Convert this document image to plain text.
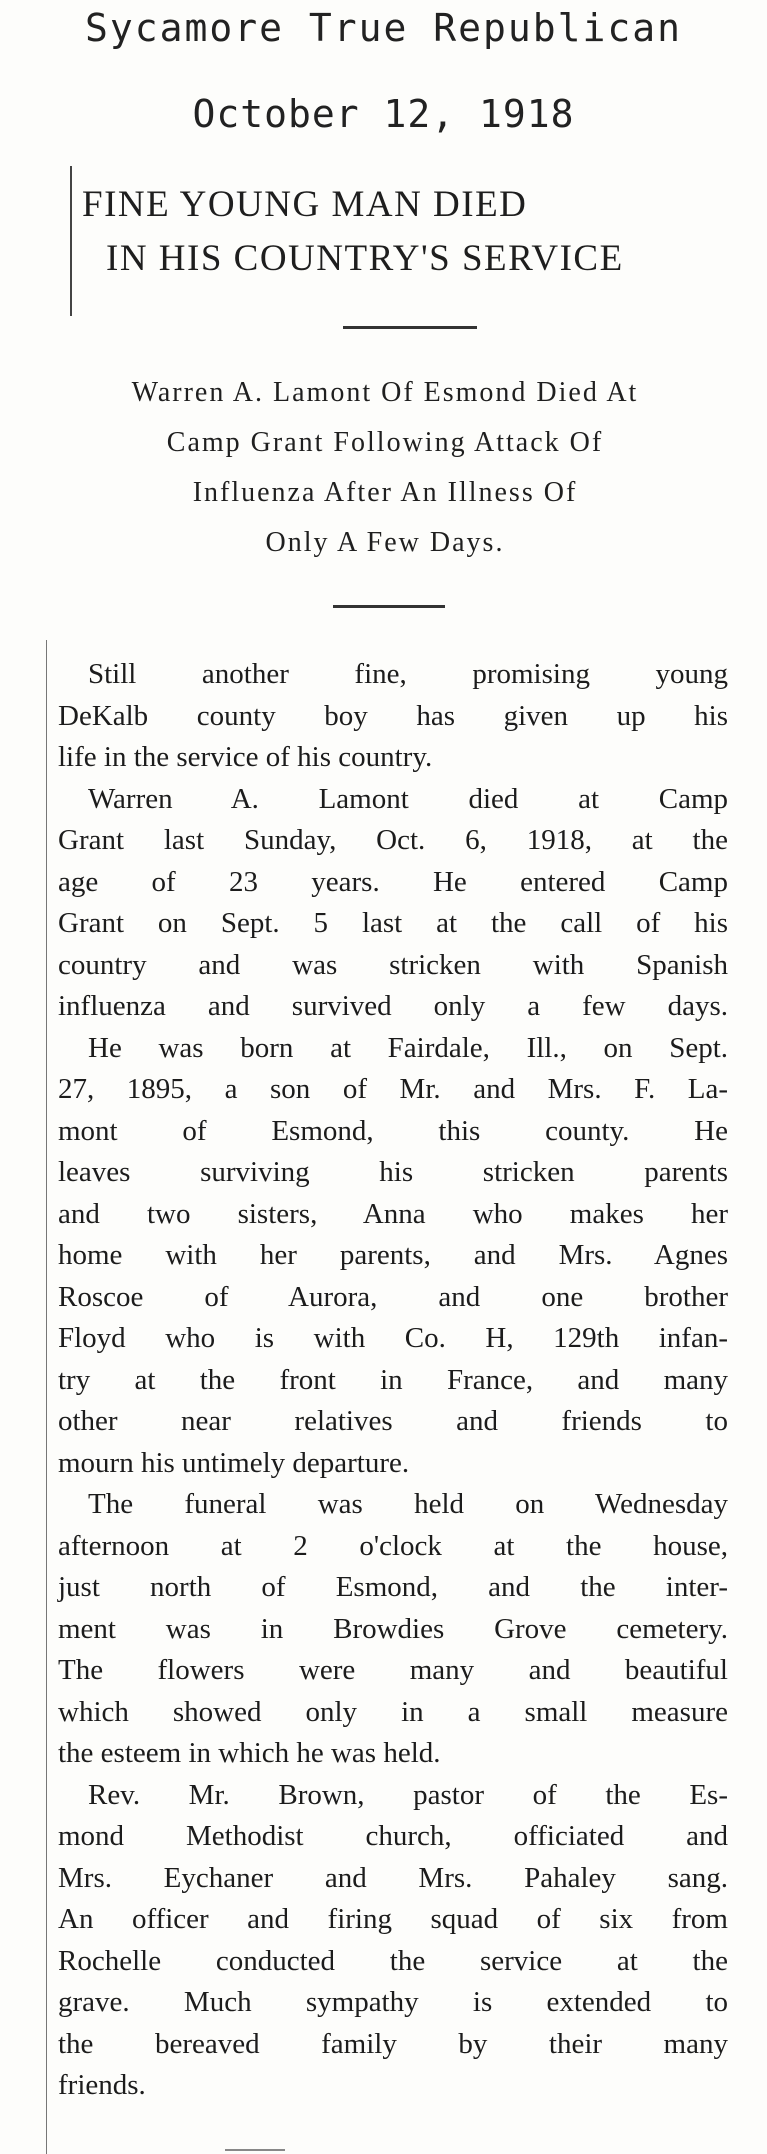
Sycamore True Republican
October 12, 1918
FINE YOUNG MAN DIED
IN HIS COUNTRY'S SERVICE
Warren A. Lamont Of Esmond Died At
Camp Grant Following Attack Of
Influenza After An Illness Of
Only A Few Days.
Still another fine, promising young
DeKalb county boy has given up his
life in the service of his country.
Warren A. Lamont died at Camp
Grant last Sunday, Oct. 6, 1918, at the
age of 23 years. He entered Camp
Grant on Sept. 5 last at the call of his
country and was stricken with Spanish
influenza and survived only a few days.
He was born at Fairdale, Ill., on Sept.
27, 1895, a son of Mr. and Mrs. F. La-
mont of Esmond, this county. He
leaves surviving his stricken parents
and two sisters, Anna who makes her
home with her parents, and Mrs. Agnes
Roscoe of Aurora, and one brother
Floyd who is with Co. H, 129th infan-
try at the front in France, and many
other near relatives and friends to
mourn his untimely departure.
The funeral was held on Wednesday
afternoon at 2 o'clock at the house,
just north of Esmond, and the inter-
ment was in Browdies Grove cemetery.
The flowers were many and beautiful
which showed only in a small measure
the esteem in which he was held.
Rev. Mr. Brown, pastor of the Es-
mond Methodist church, officiated and
Mrs. Eychaner and Mrs. Pahaley sang.
An officer and firing squad of six from
Rochelle conducted the service at the
grave. Much sympathy is extended to
the bereaved family by their many
friends.
